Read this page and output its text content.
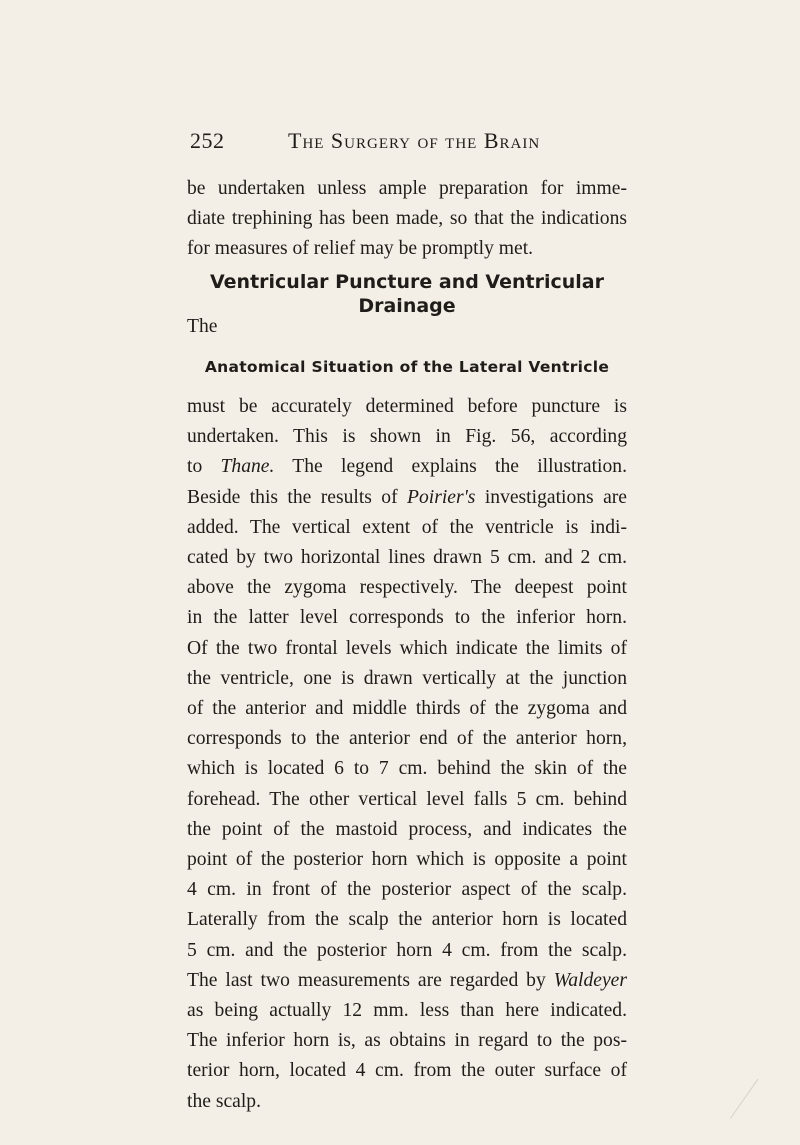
252	The Surgery of the Brain
be undertaken unless ample preparation for imme-
diate trephining has been made, so that the indications
for measures of relief may be promptly met.
Ventricular Puncture and Ventricular
Drainage
The
Anatomical Situation of the Lateral Ventricle
must be accurately determined before puncture is
undertaken. This is shown in Fig. 56, according
to Thane. The legend explains the illustration.
Beside this the results of Poirier's investigations are
added. The vertical extent of the ventricle is indi-
cated by two horizontal lines drawn 5 cm. and 2 cm.
above the zygoma respectively. The deepest point
in the latter level corresponds to the inferior horn.
Of the two frontal levels which indicate the limits of
the ventricle, one is drawn vertically at the junction
of the anterior and middle thirds of the zygoma and
corresponds to the anterior end of the anterior horn,
which is located 6 to 7 cm. behind the skin of the
forehead. The other vertical level falls 5 cm. behind
the point of the mastoid process, and indicates the
point of the posterior horn which is opposite a point
4 cm. in front of the posterior aspect of the scalp.
Laterally from the scalp the anterior horn is located
5 cm. and the posterior horn 4 cm. from the scalp.
The last two measurements are regarded by Waldeyer
as being actually 12 mm. less than here indicated.
The inferior horn is, as obtains in regard to the pos-
terior horn, located 4 cm. from the outer surface of
the scalp.
